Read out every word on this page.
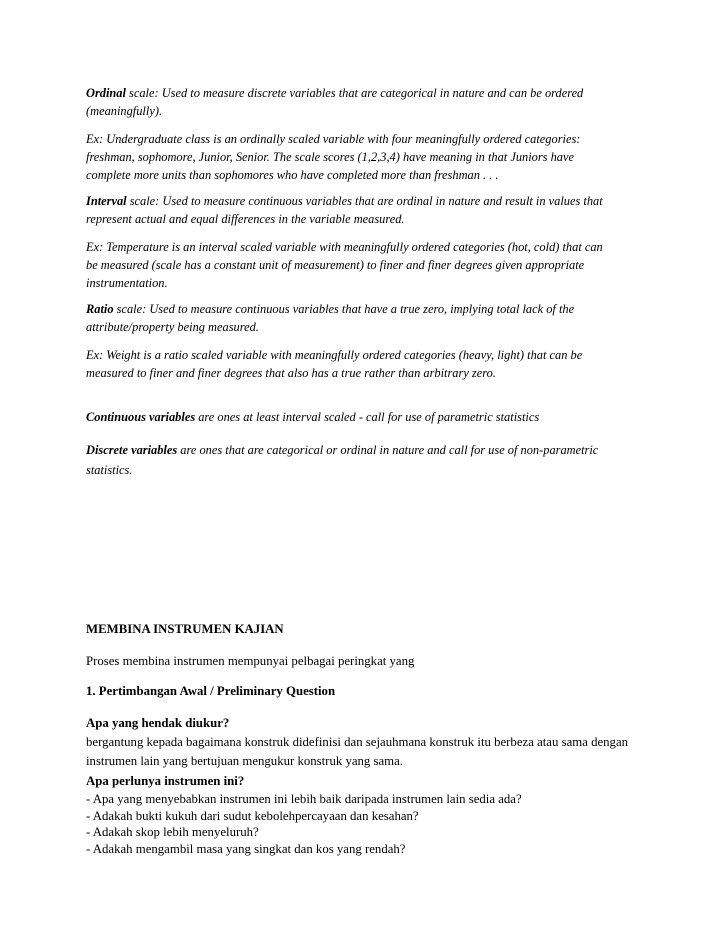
Ordinal scale: Used to measure discrete variables that are categorical in nature and can be ordered
(meaningfully).
Ex: Undergraduate class is an ordinally scaled variable with four meaningfully ordered categories:
freshman, sophomore, Junior, Senior. The scale scores (1,2,3,4) have meaning in that Juniors have
complete more units than sophomores who have completed more than freshman . . .
Interval scale: Used to measure continuous variables that are ordinal in nature and result in values that
represent actual and equal differences in the variable measured.
Ex: Temperature is an interval scaled variable with meaningfully ordered categories (hot, cold) that can
be measured (scale has a constant unit of measurement) to finer and finer degrees given appropriate
instrumentation.
Ratio scale: Used to measure continuous variables that have a true zero, implying total lack of the
attribute/property being measured.
Ex: Weight is a ratio scaled variable with meaningfully ordered categories (heavy, light) that can be
measured to finer and finer degrees that also has a true rather than arbitrary zero.
Continuous variables are ones at least interval scaled - call for use of parametric statistics
Discrete variables are ones that are categorical or ordinal in nature and call for use of non-parametric
statistics.
MEMBINA INSTRUMEN KAJIAN
Proses membina instrumen mempunyai pelbagai peringkat yang
1. Pertimbangan Awal / Preliminary Question
Apa yang hendak diukur?
bergantung kepada bagaimana konstruk didefinisi dan sejauhmana konstruk itu berbeza atau sama dengan
instrumen lain yang bertujuan mengukur konstruk yang sama.
Apa perlunya instrumen ini?
- Apa yang menyebabkan instrumen ini lebih baik daripada instrumen lain sedia ada?
- Adakah bukti kukuh dari sudut kebolehpercayaan dan kesahan?
- Adakah skop lebih menyeluruh?
- Adakah mengambil masa yang singkat dan kos yang rendah?
